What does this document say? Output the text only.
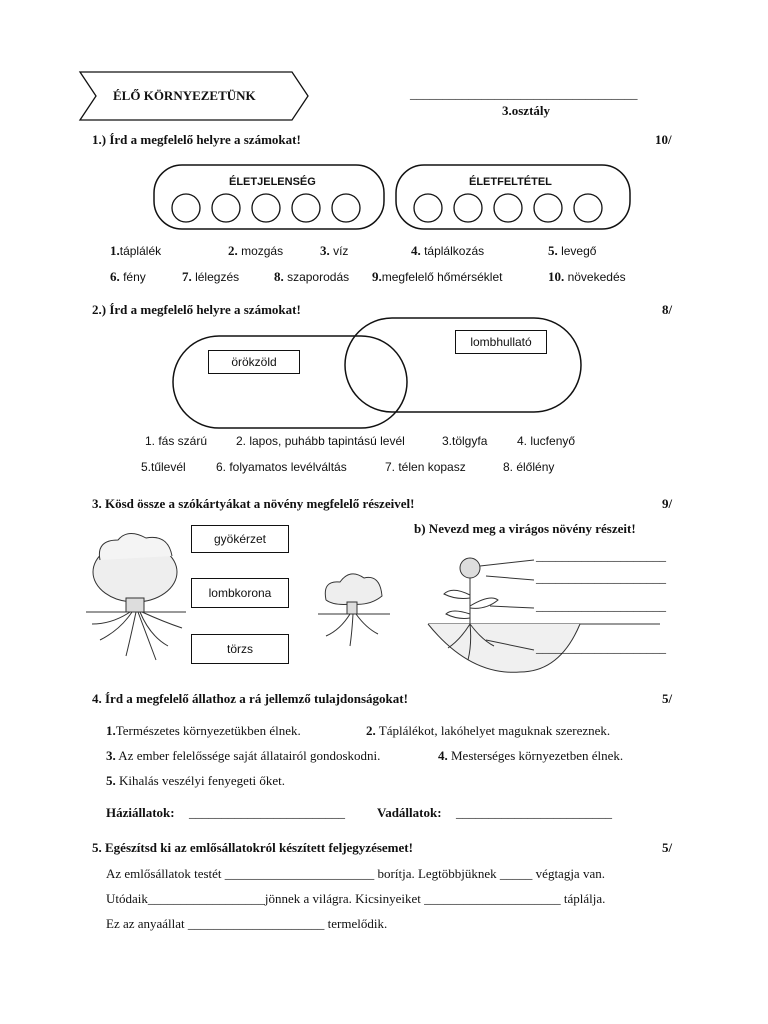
ÉLŐ KÖRNYEZETÜNK	___________________________________
3.osztály
1.) Írd a megfelelő helyre a számokat!	10/
ÉLETJELENSÉG	ÉLETFELTÉTEL
1.táplálék	2. mozgás	3. víz	4. táplálkozás	5. levegő
6. fény	7. lélegzés	8. szaporodás 9.megfelelő hőmérséklet	10. növekedés
2.) Írd a megfelelő helyre a számokat!	8/
örökzöld
lombhullató
1. fás szárú 2. lapos, puhább tapintású levél	3.tölgyfa 4. lucfenyő
5.tűlevél	6. folyamatos levélváltás	7. télen kopasz	8. élőlény
3. Kösd össze a szókártyákat a növény megfelelő részeivel!	9/
gyökérzet
lombkorona
törzs
b) Nevezd meg a virágos növény részeit!
____________________
____________________
____________________
____________________
4. Írd a megfelelő állathoz a rá jellemző tulajdonságokat!	5/
1.Természetes környezetükben élnek.	2. Táplálékot, lakóhelyet maguknak szereznek.
3. Az ember felelőssége saját állatairól gondoskodni.	4. Mesterséges környezetben élnek.
5. Kihalás veszélyi fenyegeti őket.
Háziállatok: ________________________ Vadállatok: ________________________
5. Egészítsd ki az emlősállatokról készített feljegyzésemet!	5/
Az emlősállatok testét _______________________ borítja. Legtöbbjüknek _____ végtagja van.
Utódaik__________________jönnek a világra. Kicsinyeiket _____________________ táplálja.
Ez az anyaállat _____________________ termelődik.
